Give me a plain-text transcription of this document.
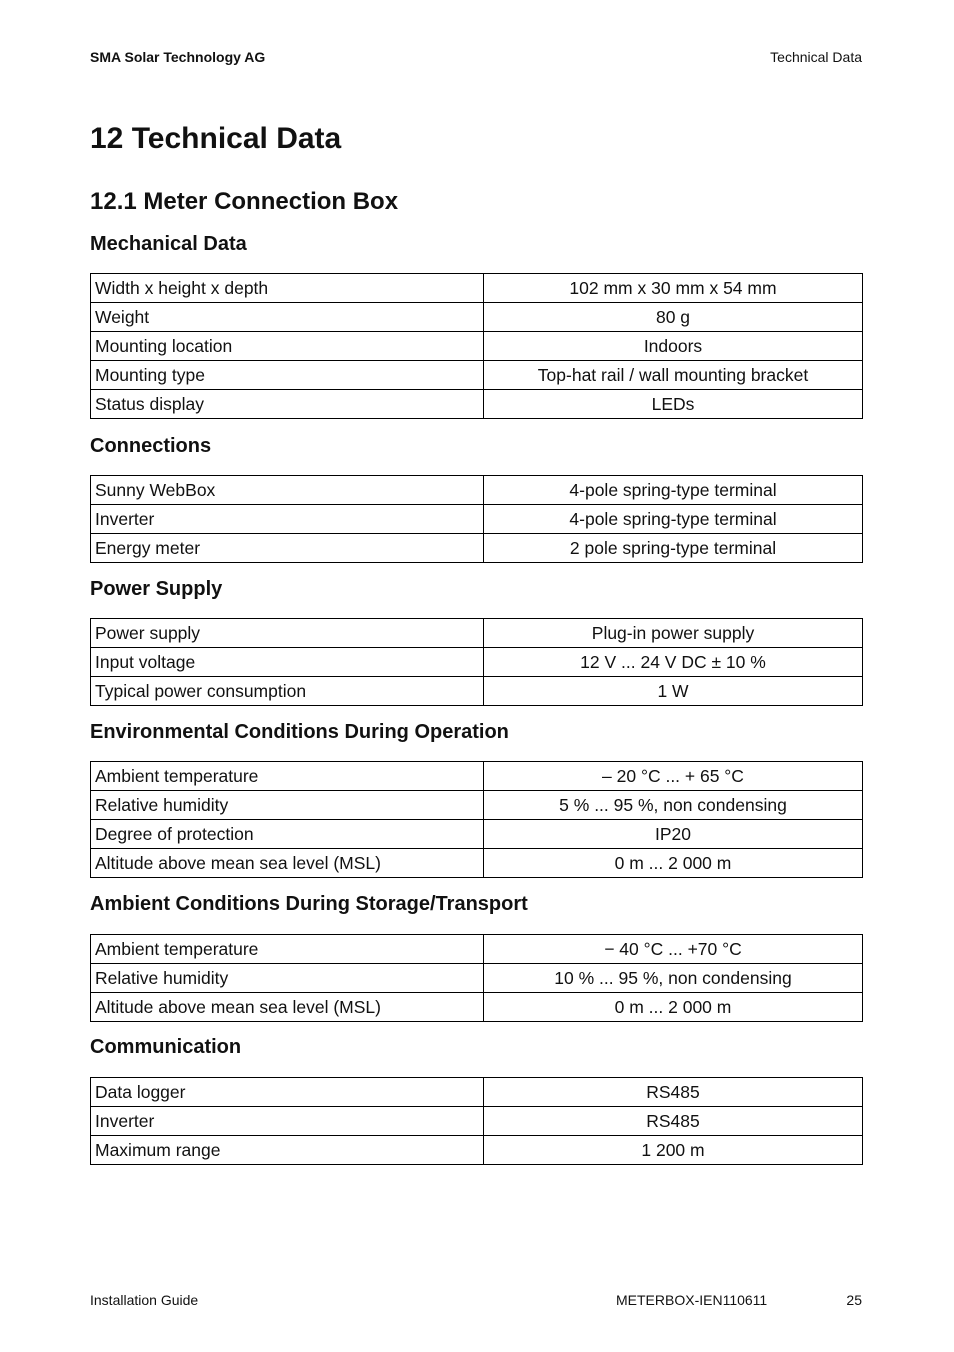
SMA Solar Technology AG	Technical Data
12 Technical Data
12.1 Meter Connection Box
Mechanical Data
Width x height x depth	102 mm x 30 mm x 54 mm
Weight	80 g
Mounting location	Indoors
Mounting type	Top-hat rail / wall mounting bracket
Status display	LEDs
Connections
Sunny WebBox	4-pole spring-type terminal
Inverter	4-pole spring-type terminal
Energy meter	2 pole spring-type terminal
Power Supply
Power supply	Plug-in power supply
Input voltage	12 V ... 24 V DC ± 10 %
Typical power consumption	1 W
Environmental Conditions During Operation
Ambient temperature	– 20 °C ... + 65 °C
Relative humidity	5 % ... 95 %, non condensing
Degree of protection	IP20
Altitude above mean sea level (MSL)	0 m ... 2 000 m
Ambient Conditions During Storage/Transport
Ambient temperature	− 40 °C ... +70 °C
Relative humidity	10 % ... 95 %, non condensing
Altitude above mean sea level (MSL)	0 m ... 2 000 m
Communication
Data logger	RS485
Inverter	RS485
Maximum range	1 200 m
Installation Guide	METERBOX-IEN110611	25
